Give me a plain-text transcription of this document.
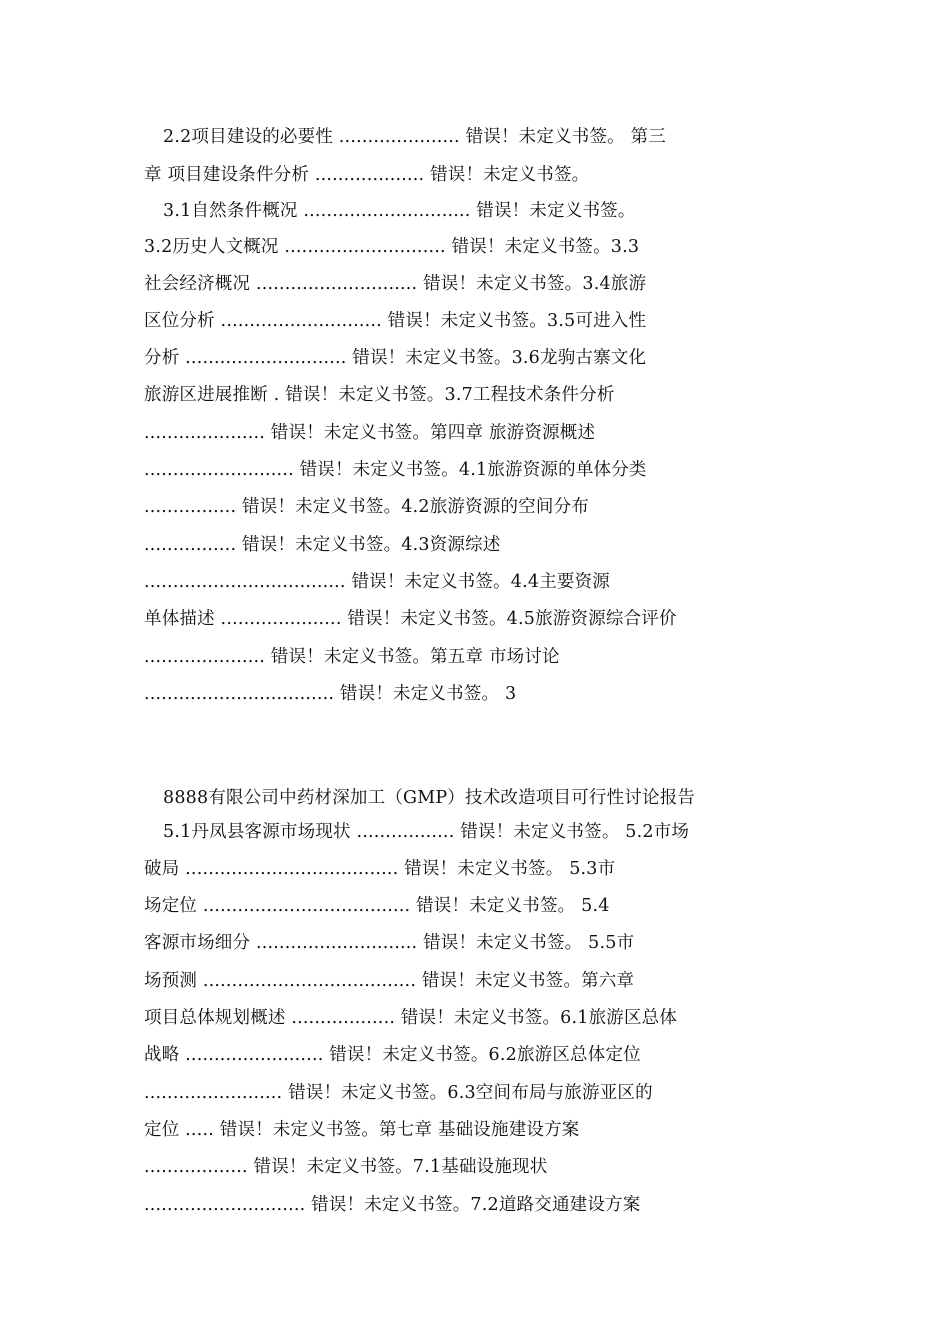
2.2项目建设的必要性 ..................... 错误！未定义书签。 第三
章 项目建设条件分析 ................... 错误！未定义书签。
3.1自然条件概况 ............................. 错误！未定义书签。
3.2历史人文概况 ............................ 错误！未定义书签。3.3
社会经济概况 ............................ 错误！未定义书签。3.4旅游
区位分析 ............................ 错误！未定义书签。3.5可进入性
分析 ............................ 错误！未定义书签。3.6龙驹古寨文化
旅游区进展推断 . 错误！未定义书签。3.7工程技术条件分析
..................... 错误！未定义书签。第四章 旅游资源概述
.......................... 错误！未定义书签。4.1旅游资源的单体分类
................ 错误！未定义书签。4.2旅游资源的空间分布
................ 错误！未定义书签。4.3资源综述
................................... 错误！未定义书签。4.4主要资源
单体描述 ..................... 错误！未定义书签。4.5旅游资源综合评价
..................... 错误！未定义书签。第五章 市场讨论
................................. 错误！未定义书签。 3
8888有限公司中药材深加工（GMP）技术改造项目可行性讨论报告
5.1丹凤县客源市场现状 ................. 错误！未定义书签。 5.2市场
破局 ..................................... 错误！未定义书签。 5.3市
场定位 .................................... 错误！未定义书签。 5.4
客源市场细分 ............................ 错误！未定义书签。 5.5市
场预测 ..................................... 错误！未定义书签。第六章
项目总体规划概述 .................. 错误！未定义书签。6.1旅游区总体
战略 ........................ 错误！未定义书签。6.2旅游区总体定位
........................ 错误！未定义书签。6.3空间布局与旅游亚区的
定位 ..... 错误！未定义书签。第七章 基础设施建设方案
.................. 错误！未定义书签。7.1基础设施现状
............................ 错误！未定义书签。7.2道路交通建设方案
